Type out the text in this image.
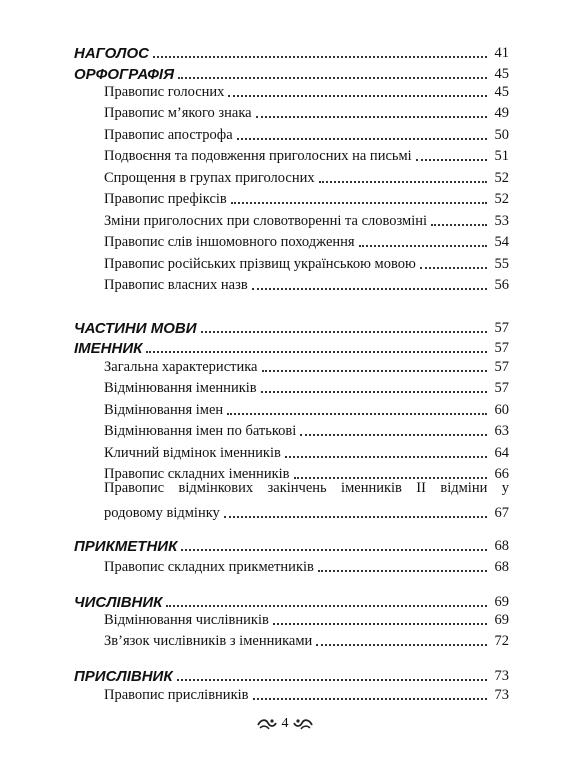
НАГОЛОС	41
ОРФОГРАФІЯ	45
Правопис голосних	45
Правопис м’якого знака	49
Правопис апострофа	50
Подвоєння та подовження приголосних на письмі	51
Спрощення в групах приголосних	52
Правопис префіксів	52
Зміни приголосних при словотворенні та словозміні	53
Правопис слів іншомовного походження	54
Правопис російських прізвищ українською мовою	55
Правопис власних назв	56
ЧАСТИНИ МОВИ	57
ІМЕННИК	57
Загальна характеристика	57
Відмінювання іменників	57
Відмінювання імен	60
Відмінювання імен по батькові	63
Кличний відмінок іменників	64
Правопис складних іменників	66
Правопис відмінкових закінчень іменників ІІ відміни у
родовому відмінку	67
ПРИКМЕТНИК	68
Правопис складних прикметників	68
ЧИСЛІВНИК	69
Відмінювання числівників	69
Зв’язок числівників з іменниками	72
ПРИСЛІВНИК	73
Правопис прислівників	73
4
